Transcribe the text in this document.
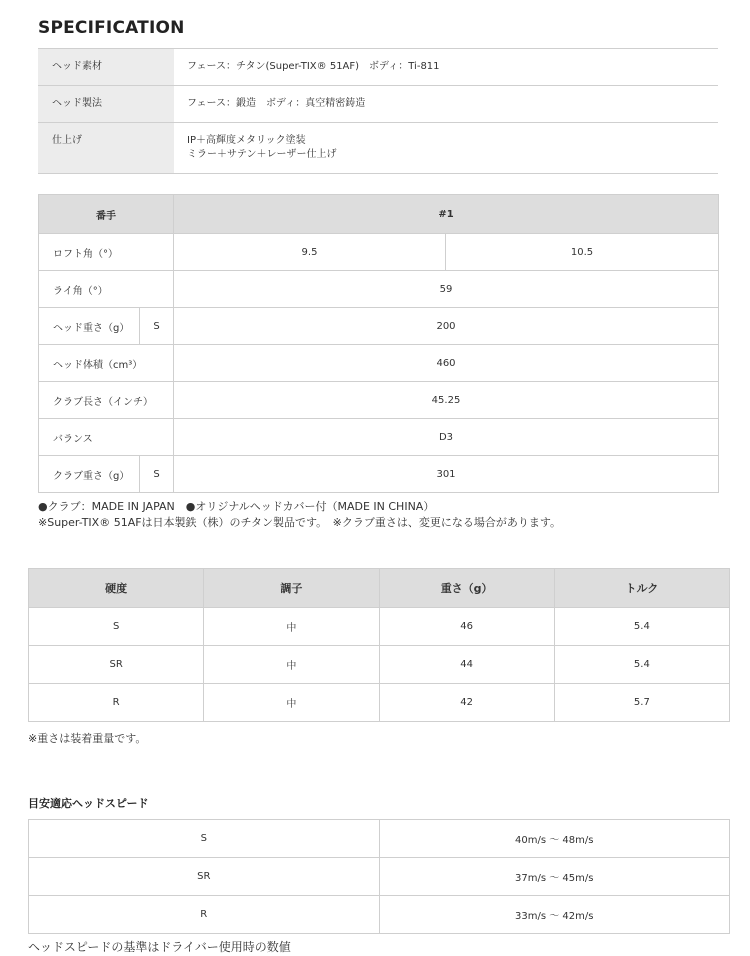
SPECIFICATION
ヘッド素材	フェース：チタン(Super-TIX® 51AF)　ボディ：Ti-811
ヘッド製法	フェース：鍛造　ボディ：真空精密鋳造
仕上げ	IP＋高輝度メタリック塗装
ミラー＋サテン＋レーザー仕上げ
番手		#1	
ロフト角（°）		9.5	10.5
ライ角（°）		59	
ヘッド重さ（g）	S	200	
ヘッド体積（cm³）		460	
クラブ長さ（インチ）		45.25	
バランス		D3	
クラブ重さ（g）	S	301	
●クラブ：MADE IN JAPAN　●オリジナルヘッドカバー付（MADE IN CHINA）
※Super-TIX® 51AFは日本製鉄（株）のチタン製品です。　※クラブ重さは、変更になる場合があります。
硬度	調子	重さ（g）	トルク
S	中	46	5.4
SR	中	44	5.4
R	中	42	5.7
※重さは装着重量です。
目安適応ヘッドスピード
S	40m/s ～ 48m/s
SR	37m/s ～ 45m/s
R	33m/s ～ 42m/s
ヘッドスピードの基準はドライバー使用時の数値
